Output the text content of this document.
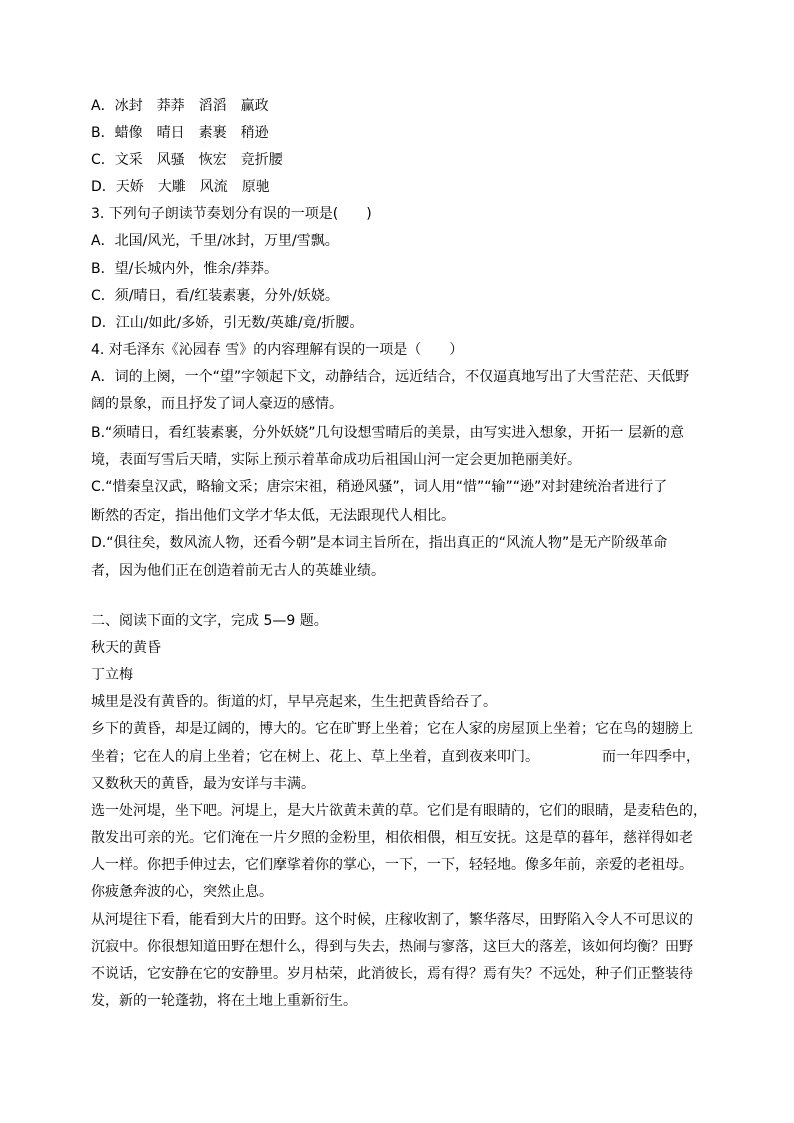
A．冰封　莽莽　滔滔　赢政
B．蜡像　晴日　素裹　稍逊
C．文采　风骚　恢宏　竞折腰
D．天娇　大雕　风流　原驰
3. 下列句子朗读节奏划分有误的一项是(　　)
A．北国/风光，千里/冰封，万里/雪飘。
B．望/长城内外，惟余/莽莽。
C．须/晴日，看/红装素裹，分外/妖娆。
D．江山/如此/多娇，引无数/英雄/竟/折腰。
4. 对毛泽东《沁园春 雪》的内容理解有误的一项是（　　）
A．词的上阕，一个“望”字领起下文，动静结合，远近结合，不仅逼真地写出了大雪茫茫、天低野
阔的景象，而且抒发了词人豪迈的感情。
B.“须晴日，看红装素裹，分外妖娆”几句设想雪晴后的美景，由写实进入想象，开拓一 层新的意
境，表面写雪后天晴，实际上预示着革命成功后祖国山河一定会更加艳丽美好。
C.“惜秦皇汉武，略输文采；唐宗宋祖，稍逊风骚”，词人用“惜”“输”“逊”对封建统治者进行了
断然的否定，指出他们文学才华太低，无法跟现代人相比。
D.“俱往矣，数风流人物，还看今朝”是本词主旨所在，指出真正的“风流人物”是无产阶级革命
者，因为他们正在创造着前无古人的英雄业绩。
二、阅读下面的文字，完成 5—9 题。
秋天的黄昏
丁立梅
城里是没有黄昏的。街道的灯，早早亮起来，生生把黄昏给吞了。
乡下的黄昏，却是辽阔的，博大的。它在旷野上坐着；它在人家的房屋顶上坐着；它在鸟的翅膀上
坐着；它在人的肩上坐着；它在树上、花上、草上坐着，直到夜来叩门。　　　　　而一年四季中，
又数秋天的黄昏，最为安详与丰满。
选一处河堤，坐下吧。河堤上，是大片欲黄未黄的草。它们是有眼睛的，它们的眼睛，是麦秸色的，
散发出可亲的光。它们淹在一片夕照的金粉里，相依相偎，相互安抚。这是草的暮年，慈祥得如老
人一样。你把手伸过去，它们摩挲着你的掌心，一下，一下，轻轻地。像多年前，亲爱的老祖母。
你疲惫奔波的心，突然止息。
从河堤往下看，能看到大片的田野。这个时候，庄稼收割了，繁华落尽，田野陷入令人不可思议的
沉寂中。你很想知道田野在想什么，得到与失去，热闹与寥落，这巨大的落差，该如何均衡？田野
不说话，它安静在它的安静里。岁月枯荣，此消彼长，焉有得？焉有失？不远处，种子们正整装待
发，新的一轮蓬勃，将在土地上重新衍生。
